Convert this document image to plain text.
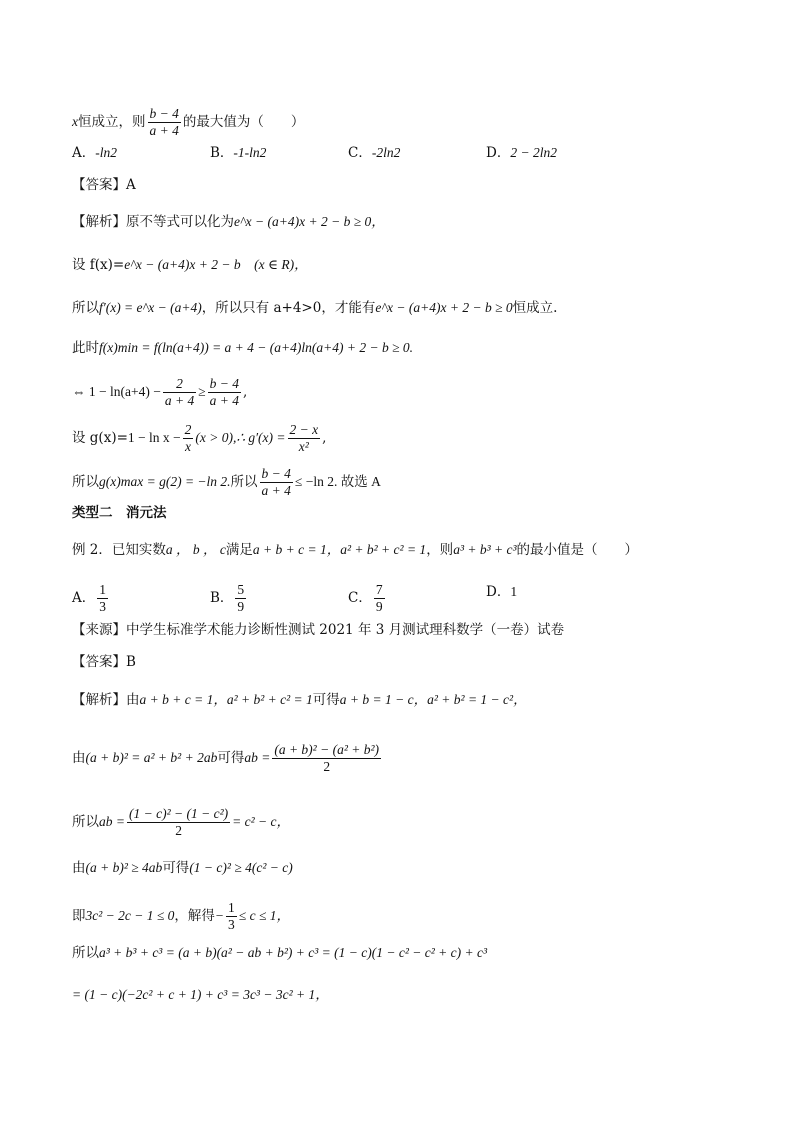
x恒成立，则 $\frac{b - 4}{a + 4}$ 的最大值为（　　）
A．-ln2	B．-1-ln2	C．-2ln2	D．2 − 2ln2
【答案】A
【解析】原不等式可以化为e^x − (a+4)x + 2 − b ≥ 0，
设 f(x)=e^x − (a+4)x + 2 − b　(x ∈ R)，
所以f′(x) = e^x − (a+4)，所以只有 a+4>0，才能有e^x − (a+4)x + 2 − b ≥ 0恒成立.
此时f(x)min = f(ln(a+4)) = a + 4 − (a+4)ln(a+4) + 2 − b ≥ 0.
⇔ $1 - \ln(a+4) - \frac{2}{a + 4} \ge \frac{b - 4}{a + 4}$ ,
设 $g(x)=1 - \ln x - \frac{2}{x} (x$ > 0),∴ $g'(x) = \frac{2 - x}{\text{x²}}$ ,
所以g(x)max = g(2) = −ln 2.所以 $\frac{b - 4}{a + 4} \le -\ln$ 2. 故选 A
类型二　消元法
例 2．已知实数a ， b ， c满足a + b + c = 1，a² + b² + c² = 1，则a³ + b³ + c³的最小值是（　　）
A． $\frac{1}{3}$	B． $\frac{5}{9}$	C． $\frac{7}{9}$	D．1
【来源】中学生标准学术能力诊断性测试 2021 年 3 月测试理科数学（一卷）试卷
【答案】B
【解析】由a + b + c = 1，a² + b² + c² = 1可得a + b = 1 − c，a² + b² = 1 − c²，
由(a + b)² = a² + b² + 2ab可得ab = $\frac{\text{(a + b)² − (a² + b²)}}{2}$
所以ab = $\frac{\text{(1 − c)² − (1 − c²)}}{2} = c^2 - c$，
由(a + b)² ≥ 4ab可得(1 − c)² ≥ 4(c² − c)
即3c² − 2c − 1 ≤ 0，解得− $\frac{1}{3} \le c \le 1$，
所以a³ + b³ + c³ = (a + b)(a² − ab + b²) + c³ = (1 − c)(1 − c² − c² + c) + c³
= (1 − c)(−2c² + c + 1) + c³ = 3c³ − 3c² + 1，
